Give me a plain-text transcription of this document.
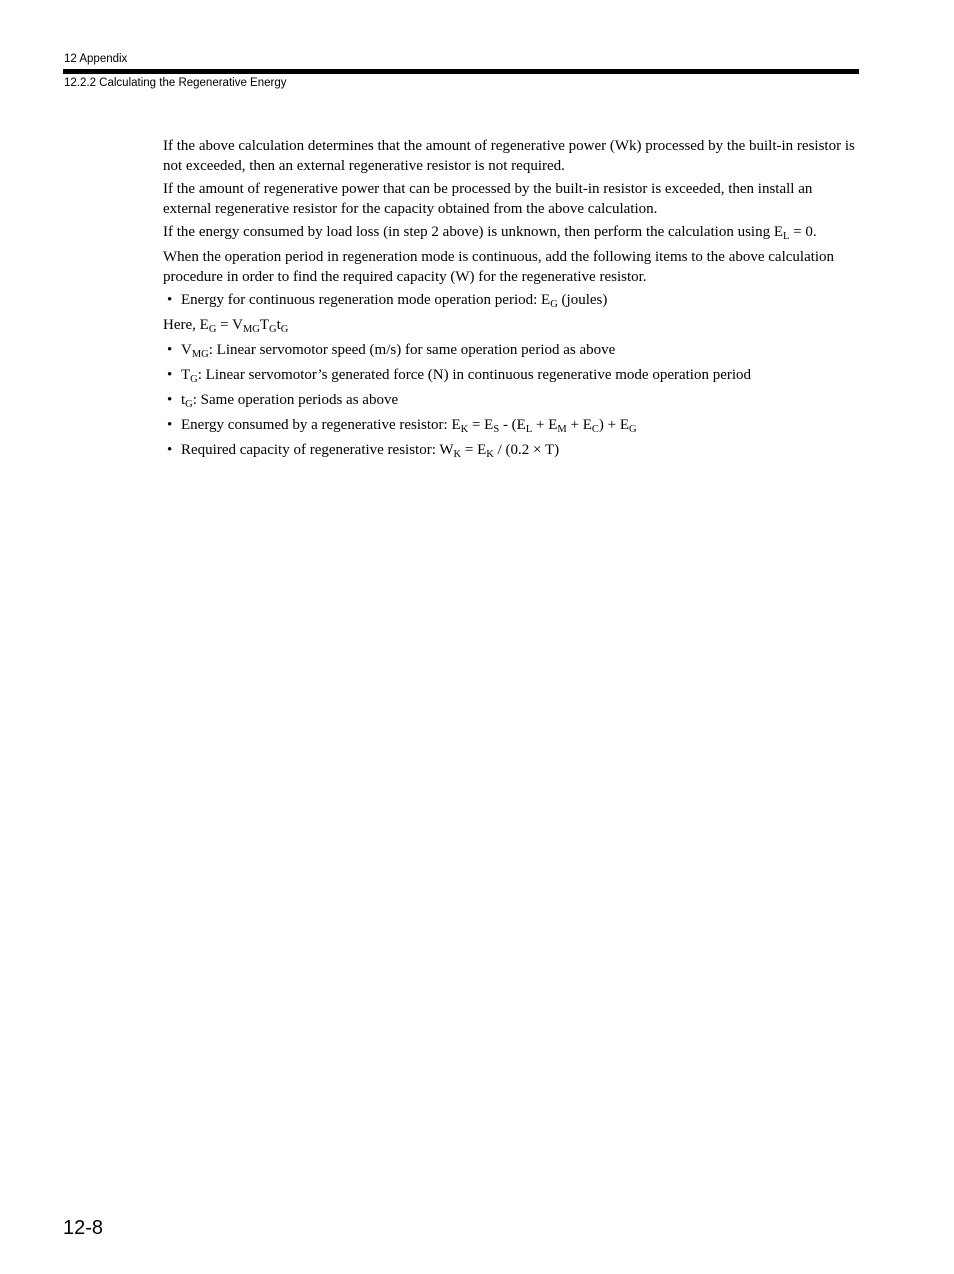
12 Appendix
12.2.2 Calculating the Regenerative Energy

If the above calculation determines that the amount of regenerative power (Wk) processed by the built-in resistor is not exceeded, then an external regenerative resistor is not required.

If the amount of regenerative power that can be processed by the built-in resistor is exceeded, then install an external regenerative resistor for the capacity obtained from the above calculation.

If the energy consumed by load loss (in step 2 above) is unknown, then perform the calculation using $E_L = 0$.

When the operation period in regeneration mode is continuous, add the following items to the above calculation procedure in order to find the required capacity (W) for the regenerative resistor.

• Energy for continuous regeneration mode operation period: $E_G$ (joules)

Here, $E_G = V_{MG}T_Gt_G$

• $V_{MG}$: Linear servomotor speed (m/s) for same operation period as above

• $T_G$: Linear servomotor’s generated force (N) in continuous regenerative mode operation period

• $t_G$: Same operation periods as above

• Energy consumed by a regenerative resistor: $E_K = E_S - (E_L + E_M + E_C) + E_G$

• Required capacity of regenerative resistor: $W_K = E_K / (0.2 \times T)$

12-8
